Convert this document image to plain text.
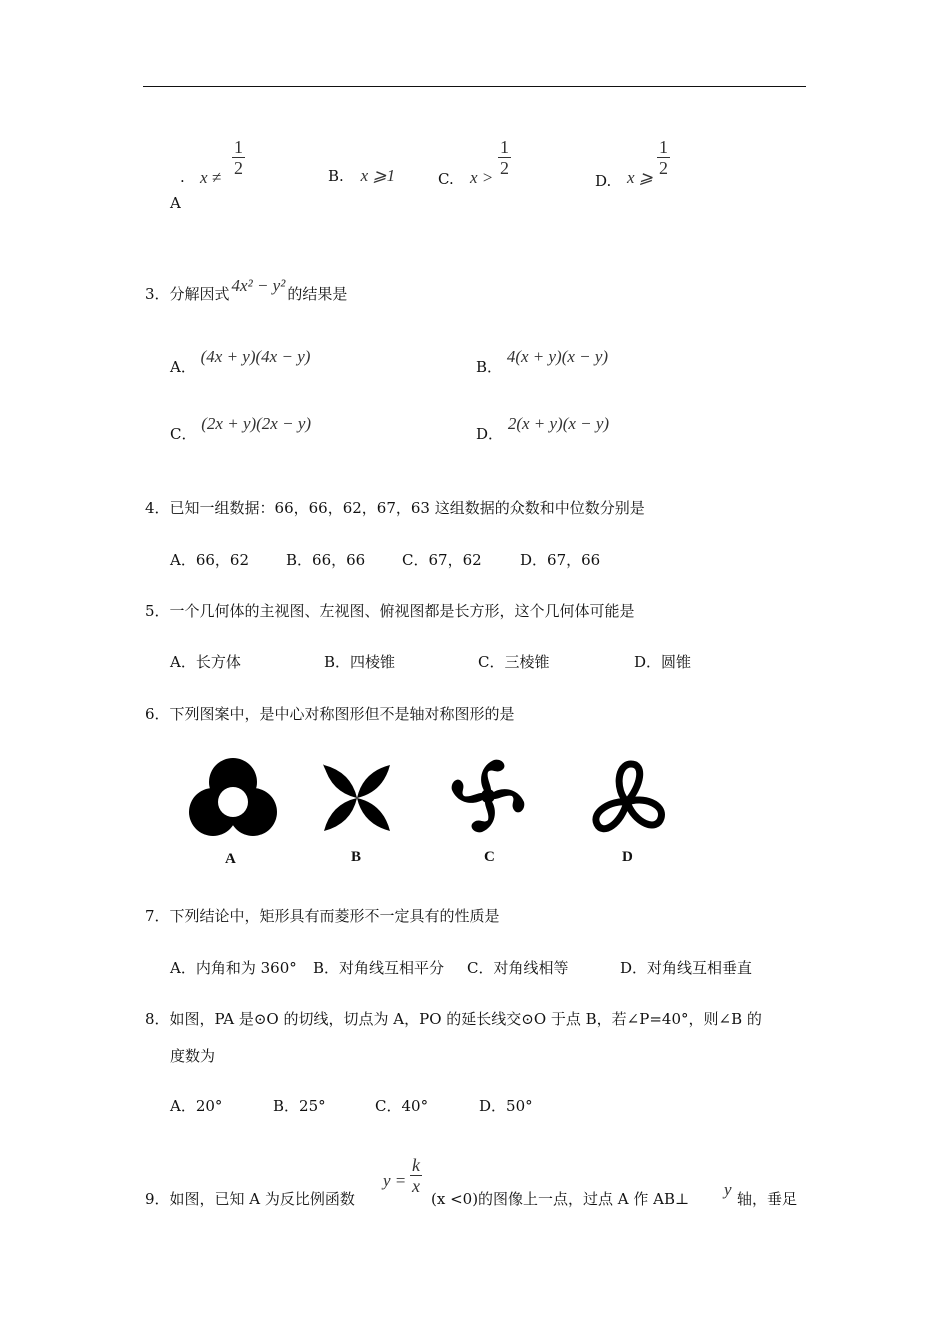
.
A
x ≠
1
2	B. x ⩾1	C. x >
1
2
D. x ⩾
1
2
3．分解因式 4x² − y² 的结果是
A． (4x + y)(4x − y)
B． 4(x + y)(x − y)
C． (2x + y)(2x − y)
D． 2(x + y)(x − y)
4．已知一组数据：66，66，62，67，63 这组数据的众数和中位数分别是
A．66，62 B．66，66 C．67，62	D．67，66
5．一个几何体的主视图、左视图、俯视图都是长方形，这个几何体可能是
A．长方体	B．四棱锥	C．三棱锥	D．圆锥
6．下列图案中，是中心对称图形但不是轴对称图形的是
A	B	C	D
7．下列结论中，矩形具有而菱形不一定具有的性质是
A．内角和为 360° B．对角线互相平分 C．对角线相等	D．对角线互相垂直
8．如图，PA 是⊙O 的切线，切点为 A，PO 的延长线交⊙O 于点 B，若∠P=40°，则∠B 的
度数为
A．20°	B．25°	C．40°	D．50°
9．如图，已知 A 为反比例函数
y =
k
x
(x <0)的图像上一点，过点 A 作 AB⊥ y 轴，垂足
